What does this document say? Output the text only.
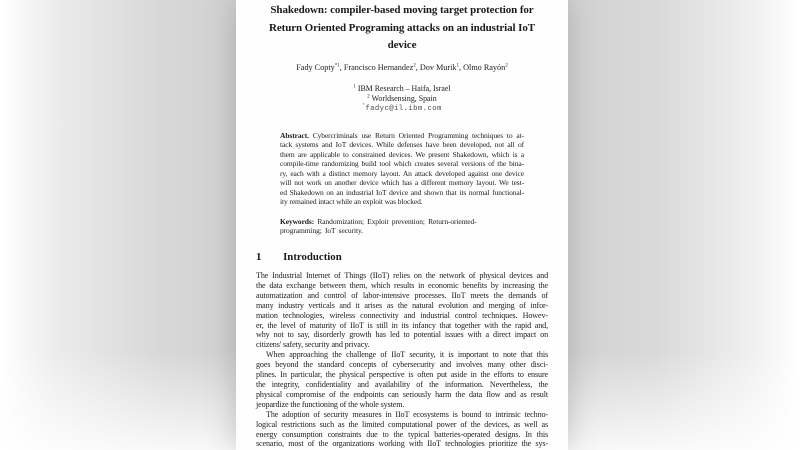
Shakedown: compiler-based moving target protection for
Return Oriented Programing attacks on an industrial IoT
device
Fady Copty$^{*1}$, Francisco Hernandez$^2$, Dov Murik$^1$, Olmo Rayón$^2$
$^1$ IBM Research – Haifa, Israel
$^2$ Worldsensing, Spain
*fadyc@il.ibm.com
Abstract. Cybercriminals use Return Oriented Programming techniques to at-
tack systems and IoT devices. While defenses have been developed, not all of
them are applicable to constrained devices. We present Shakedown, which is a
compile-time randomizing build tool which creates several versions of the bina-
ry, each with a distinct memory layout. An attack developed against one device
will not work on another device which has a different memory layout. We test-
ed Shakedown on an industrial IoT device and shown that its normal functional-
ity remained intact while an exploit was blocked.
Keywords: Randomization; Exploit prevention; Return-oriented-
programming; IoT security.
1 Introduction
The Industrial Internet of Things (IIoT) relies on the network of physical devices and
the data exchange between them, which results in economic benefits by increasing the
automatization and control of labor-intensive processes. IIoT meets the demands of
many industry verticals and it arises as the natural evolution and merging of infor-
mation technologies, wireless connectivity and industrial control techniques. Howev-
er, the level of maturity of IIoT is still in its infancy that together with the rapid and,
why not to say, disorderly growth has led to potential issues with a direct impact on
citizens' safety, security and privacy.
When approaching the challenge of IIoT security, it is important to note that this
goes beyond the standard concepts of cybersecurity and involves many other disci-
plines. In particular, the physical perspective is often put aside in the efforts to ensure
the integrity, confidentiality and availability of the information. Nevertheless, the
physical compromise of the endpoints can seriously harm the data flow and as result
jeopardize the functioning of the whole system.
The adoption of security measures in IIoT ecosystems is bound to intrinsic techno-
logical restrictions such as the limited computational power of the devices, as well as
energy consumption constraints due to the typical batteries-operated designs. In this
scenario, most of the organizations working with IIoT technologies prioritize the sys-
